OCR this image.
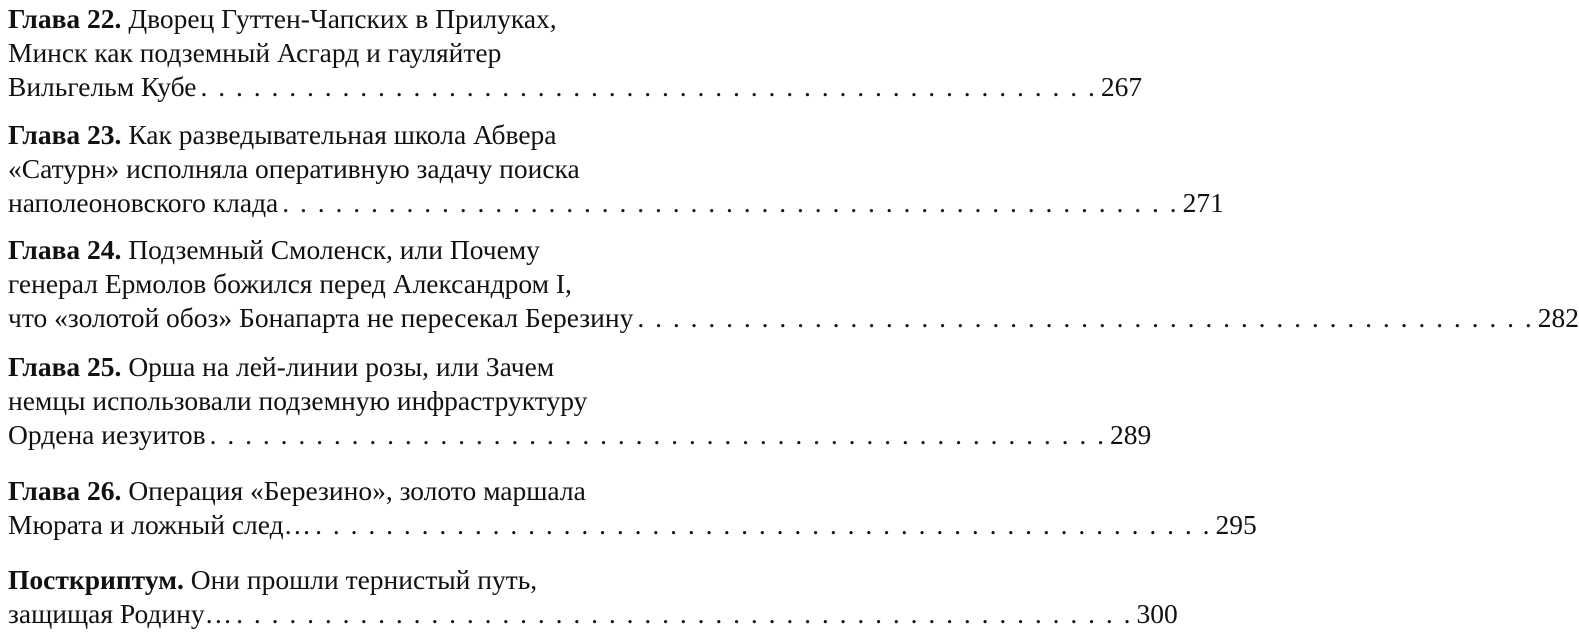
Глава 22. Дворец Гуттен-Чапских в Прилуках,
Минск как подземный Асгард и гауляйтер
Вильгельм Кубе . . . . . . . . . . . . . . . . . . . . . . . . . . . . . . . . . . . . . . . . . . . . . . . . . . . 267
Глава 23. Как разведывательная школа Абвера
«Сатурн» исполняла оперативную задачу поиска
наполеоновского клада . . . . . . . . . . . . . . . . . . . . . . . . . . . . . . . . . . . . . . . . . . . . . . . . . . . 271
Глава 24. Подземный Смоленск, или Почему
генерал Ермолов божился перед Александром I,
что «золотой обоз» Бонапарта не пересекал Березину . . . . . . . . . . . . . . . . . . . . . . . . . . . . . . . . . . . . . . . . . . . . . . . . . . . 282
Глава 25. Орша на лей-линии розы, или Зачем
немцы использовали подземную инфраструктуру
Ордена иезуитов . . . . . . . . . . . . . . . . . . . . . . . . . . . . . . . . . . . . . . . . . . . . . . . . . . . 289
Глава 26. Операция «Березино», золото маршала
Мюрата и ложный след… . . . . . . . . . . . . . . . . . . . . . . . . . . . . . . . . . . . . . . . . . . . . . . . . . . . 295
Посткриптум. Они прошли тернистый путь,
защищая Родину… . . . . . . . . . . . . . . . . . . . . . . . . . . . . . . . . . . . . . . . . . . . . . . . . . . . 300
